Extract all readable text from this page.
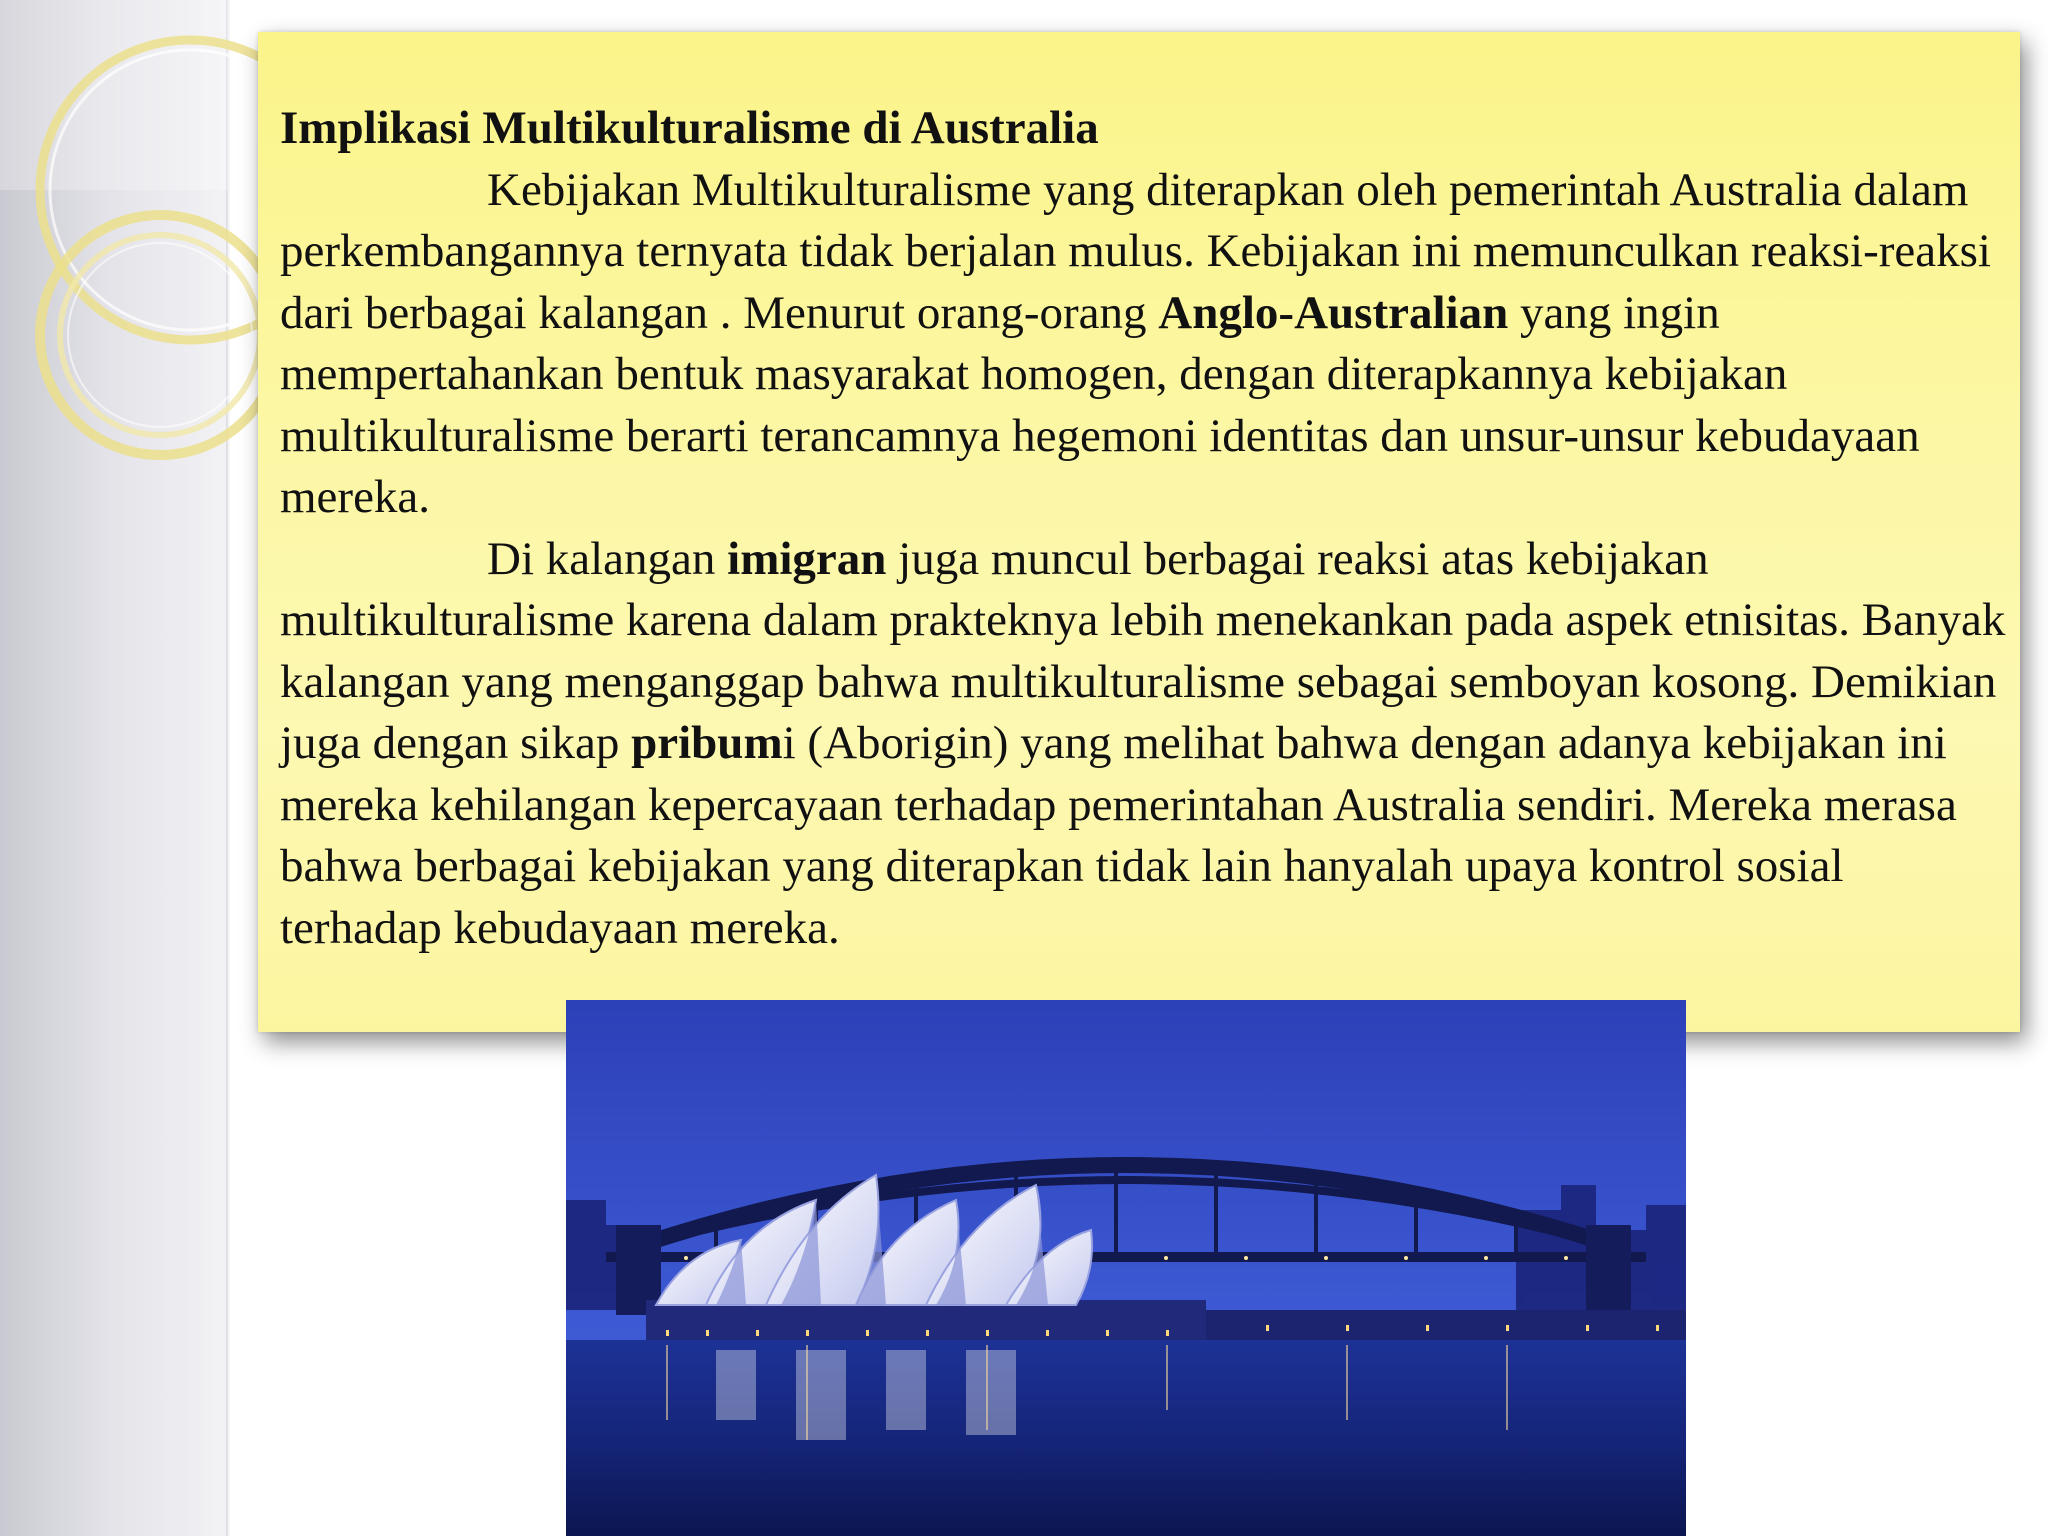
Implikasi Multikulturalisme di Australia

Kebijakan Multikulturalisme yang diterapkan oleh pemerintah Australia dalam perkembangannya ternyata tidak berjalan mulus. Kebijakan ini memunculkan reaksi-reaksi dari berbagai kalangan . Menurut orang-orang Anglo-Australian yang ingin mempertahankan bentuk masyarakat homogen, dengan diterapkannya kebijakan multikulturalisme berarti terancamnya hegemoni identitas dan unsur-unsur kebudayaan mereka.

Di kalangan imigran juga muncul berbagai reaksi atas kebijakan multikulturalisme karena dalam prakteknya lebih menekankan pada aspek etnisitas. Banyak kalangan yang menganggap bahwa multikulturalisme sebagai semboyan kosong. Demikian juga dengan sikap pribumi (Aborigin) yang melihat bahwa dengan adanya kebijakan ini mereka kehilangan kepercayaan terhadap pemerintahan Australia sendiri. Mereka merasa bahwa berbagai kebijakan yang diterapkan tidak lain hanyalah upaya kontrol sosial terhadap kebudayaan mereka.
